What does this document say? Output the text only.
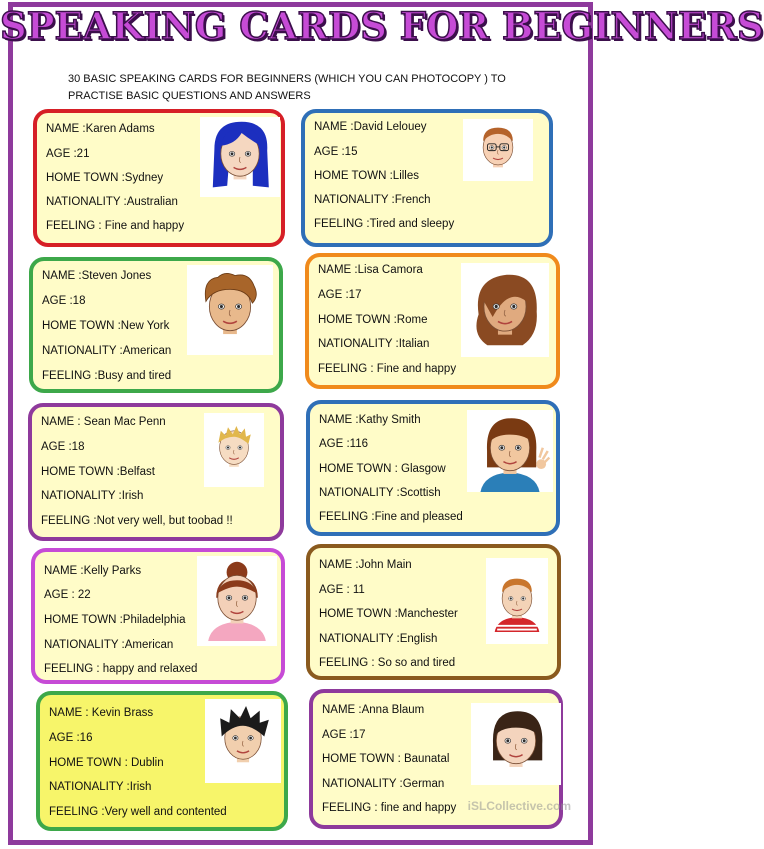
SPEAKING CARDS FOR BEGINNERS
30 BASIC SPEAKING CARDS FOR BEGINNERS (WHICH YOU CAN PHOTOCOPY ) TO PRACTISE BASIC QUESTIONS AND ANSWERS
NAME :Karen Adams
AGE :21
HOME TOWN :Sydney
NATIONALITY :Australian
FEELING : Fine and happy
NAME :David Lelouey
AGE :15
HOME TOWN :Lilles
NATIONALITY :French
FEELING :Tired and sleepy
NAME :Steven Jones
AGE :18
HOME TOWN :New York
NATIONALITY :American
FEELING :Busy and tired
NAME :Lisa Camora
AGE :17
HOME TOWN :Rome
NATIONALITY :Italian
FEELING : Fine and happy
NAME : Sean Mac Penn
AGE :18
HOME TOWN :Belfast
NATIONALITY :Irish
FEELING :Not very well, but toobad !!
NAME :Kathy Smith
AGE :116
HOME TOWN : Glasgow
NATIONALITY :Scottish
FEELING :Fine and pleased
NAME :Kelly Parks
AGE : 22
HOME TOWN :Philadelphia
NATIONALITY :American
FEELING : happy and relaxed
NAME :John Main
AGE : 11
HOME TOWN :Manchester
NATIONALITY :English
FEELING : So so and tired
NAME : Kevin Brass
AGE :16
HOME TOWN : Dublin
NATIONALITY :Irish
FEELING :Very well and contented
NAME :Anna Blaum
AGE :17
HOME TOWN : Baunatal
NATIONALITY :German
FEELING : fine and happy iSLCollective.com
